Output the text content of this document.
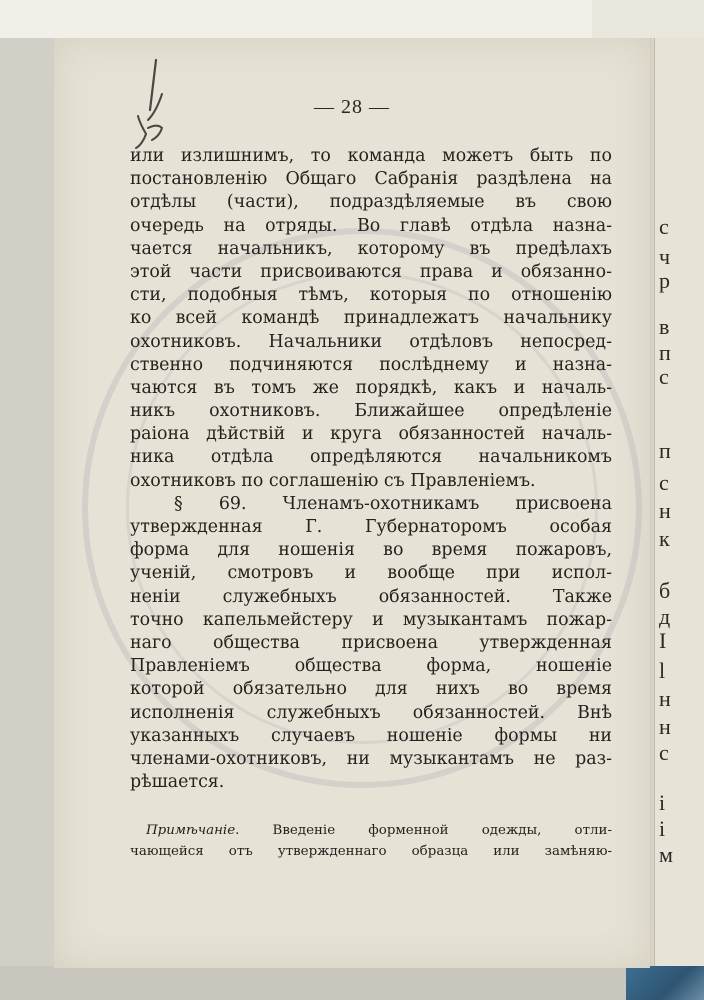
с
ч
р
в
п
с
п
с
н
к
б
д
I
l
н
н
с
і
і
м
— 28 —
или излишнимъ, то команда можетъ быть по
постановленію Общаго Сабранія раздѣлена на
отдѣлы (части), подраздѣляемые въ свою
очередь на отряды. Во главѣ отдѣла назна-
чается начальникъ, которому въ предѣлахъ
этой части присвоиваются права и обязанно-
сти, подобныя тѣмъ, которыя по отношенію
ко всей командѣ принадлежатъ начальнику
охотниковъ. Начальники отдѣловъ непосред-
ственно подчиняются послѣднему и назна-
чаются въ томъ же порядкѣ, какъ и началь-
никъ охотниковъ. Ближайшее опредѣленіе
раіона дѣйствій и круга обязанностей началь-
ника отдѣла опредѣляются начальникомъ
охотниковъ по соглашенію съ Правленіемъ.
§ 69. Членамъ-охотникамъ присвоена
утвержденная Г. Губернаторомъ особая
форма для ношенія во время пожаровъ,
ученій, смотровъ и вообще при испол-
неніи служебныхъ обязанностей. Также
точно капельмейстеру и музыкантамъ пожар-
наго общества присвоена утвержденная
Правленіемъ общества форма, ношеніе
которой обязательно для нихъ во время
исполненія служебныхъ обязанностей. Внѣ
указанныхъ случаевъ ношеніе формы ни
членами-охотниковъ, ни музыкантамъ не раз-
рѣшается.
Примѣчаніе. Введеніе форменной одежды, отли-
чающейся отъ утвержденнаго образца или замѣняю-
